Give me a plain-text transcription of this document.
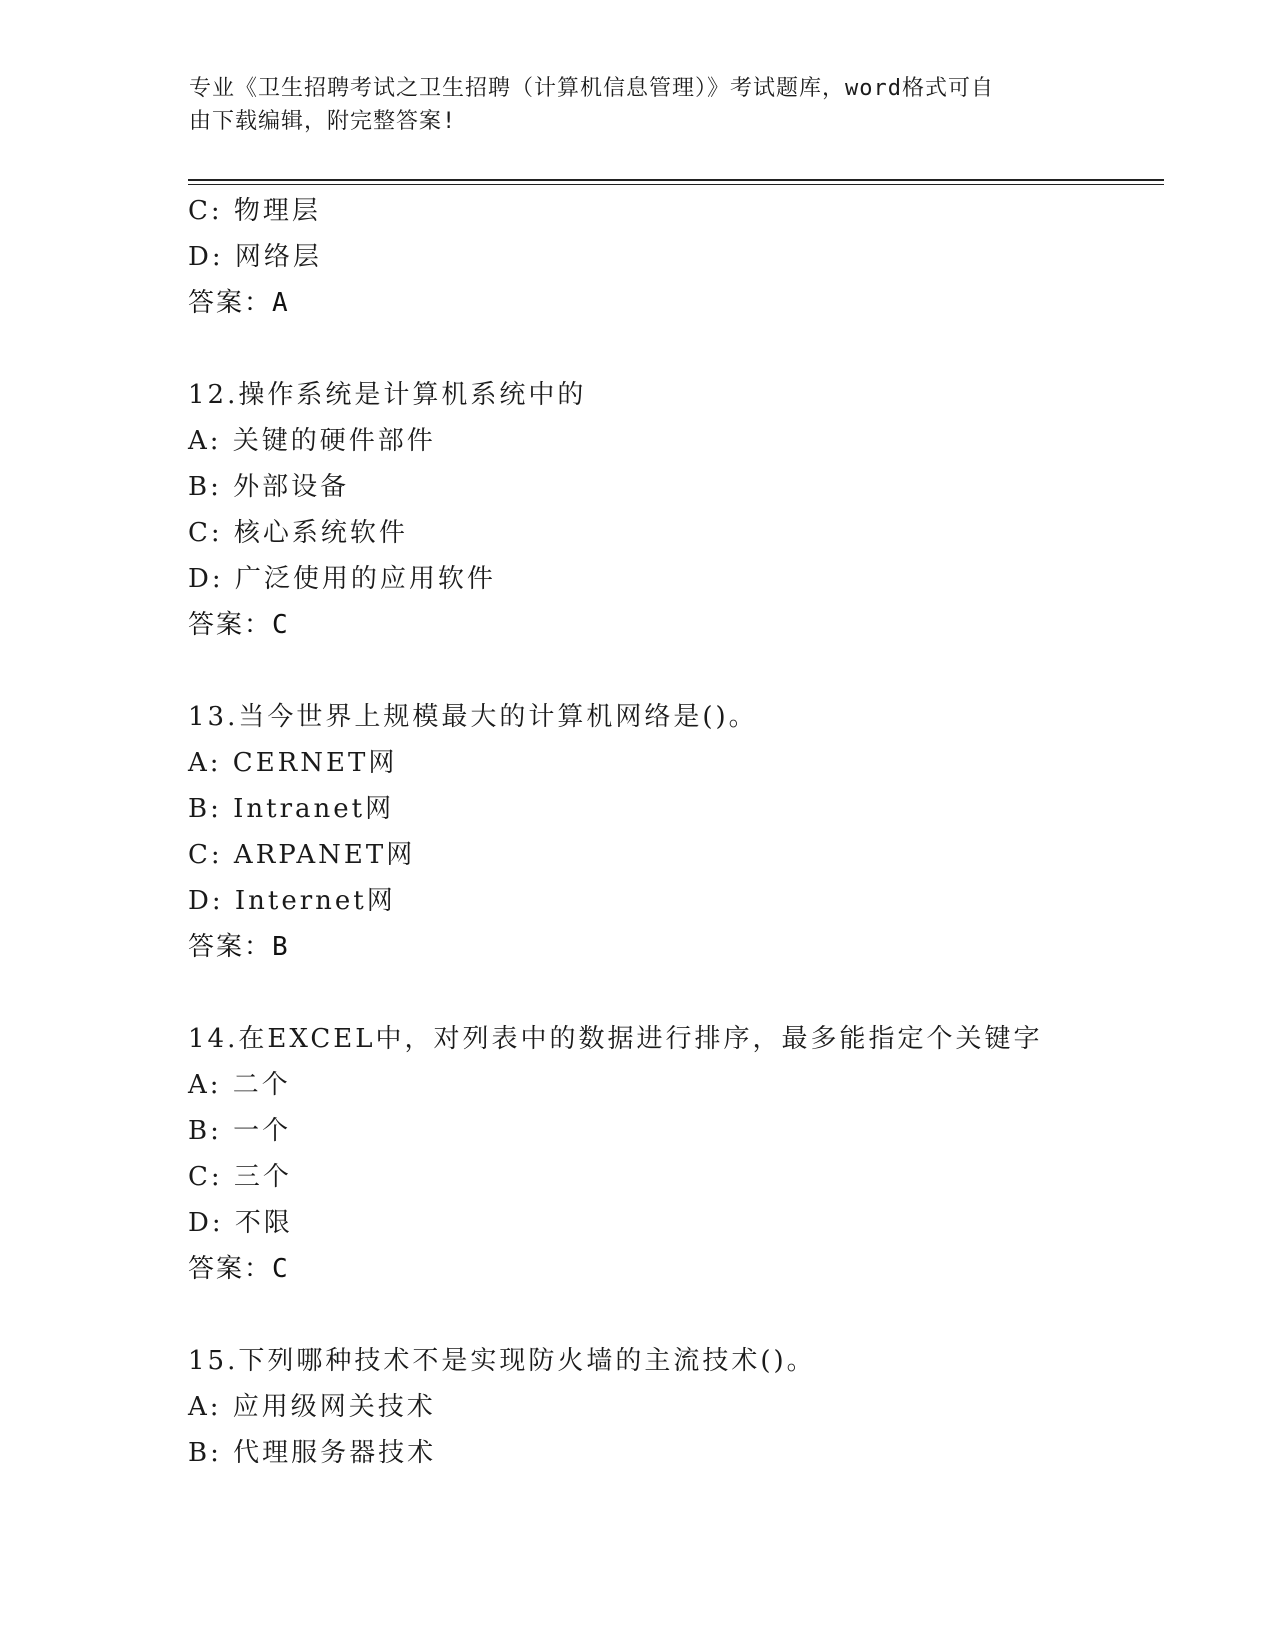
专业《卫生招聘考试之卫生招聘（计算机信息管理）》考试题库，word格式可自
由下载编辑，附完整答案!
C: 物理层
D: 网络层
答案：A
12.操作系统是计算机系统中的
A: 关键的硬件部件
B: 外部设备
C: 核心系统软件
D: 广泛使用的应用软件
答案：C
13.当今世界上规模最大的计算机网络是()。
A: CERNET网
B: Intranet网
C: ARPANET网
D: Internet网
答案：B
14.在EXCEL中，对列表中的数据进行排序，最多能指定个关键字
A: 二个
B: 一个
C: 三个
D: 不限
答案：C
15.下列哪种技术不是实现防火墙的主流技术()。
A: 应用级网关技术
B: 代理服务器技术
